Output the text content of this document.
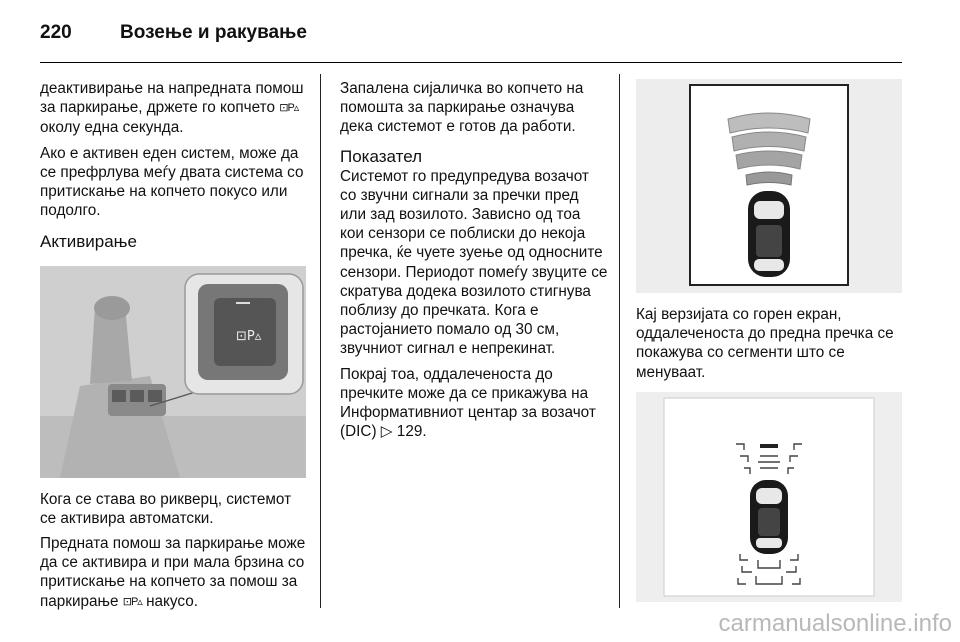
220	Возење и ракување

деактивирање на напредната помош за паркирање, држете го копчето ⊡P▵ околу една секунда.

Ако е активен еден систем, може да се префрлува меѓу двата система со притискање на копчето покусо или подолго.

Активирање
⊡P▵

Кога се става во рикверц, системот се активира автоматски.

Предната помош за паркирање може да се активира и при мала брзина со притискање на копчето за помош за паркирање ⊡P▵ накусо.

Запалена сијаличка во копчето на помошта за паркирање означува дека системот е готов да работи.

Показател

Системот го предупредува возачот со звучни сигнали за пречки пред или зад возилото. Зависно од тоа кои сензори се поблиски до некоја пречка, ќе чуете зуење од односните сензори. Периодот помеѓу звуците се скратува додека возилото стигнува поблизу до пречката. Кога е растојанието помало од 30 см, звучниот сигнал е непрекинат.

Покрај тоа, оддалеченоста до пречките може да се прикажува на Информативниот центар за возачот (DIC) ▷ 129.

Кај верзијата со горен екран, оддалеченоста до предна пречка се покажува со сегменти што се менуваат.

carmanualsonline.info
